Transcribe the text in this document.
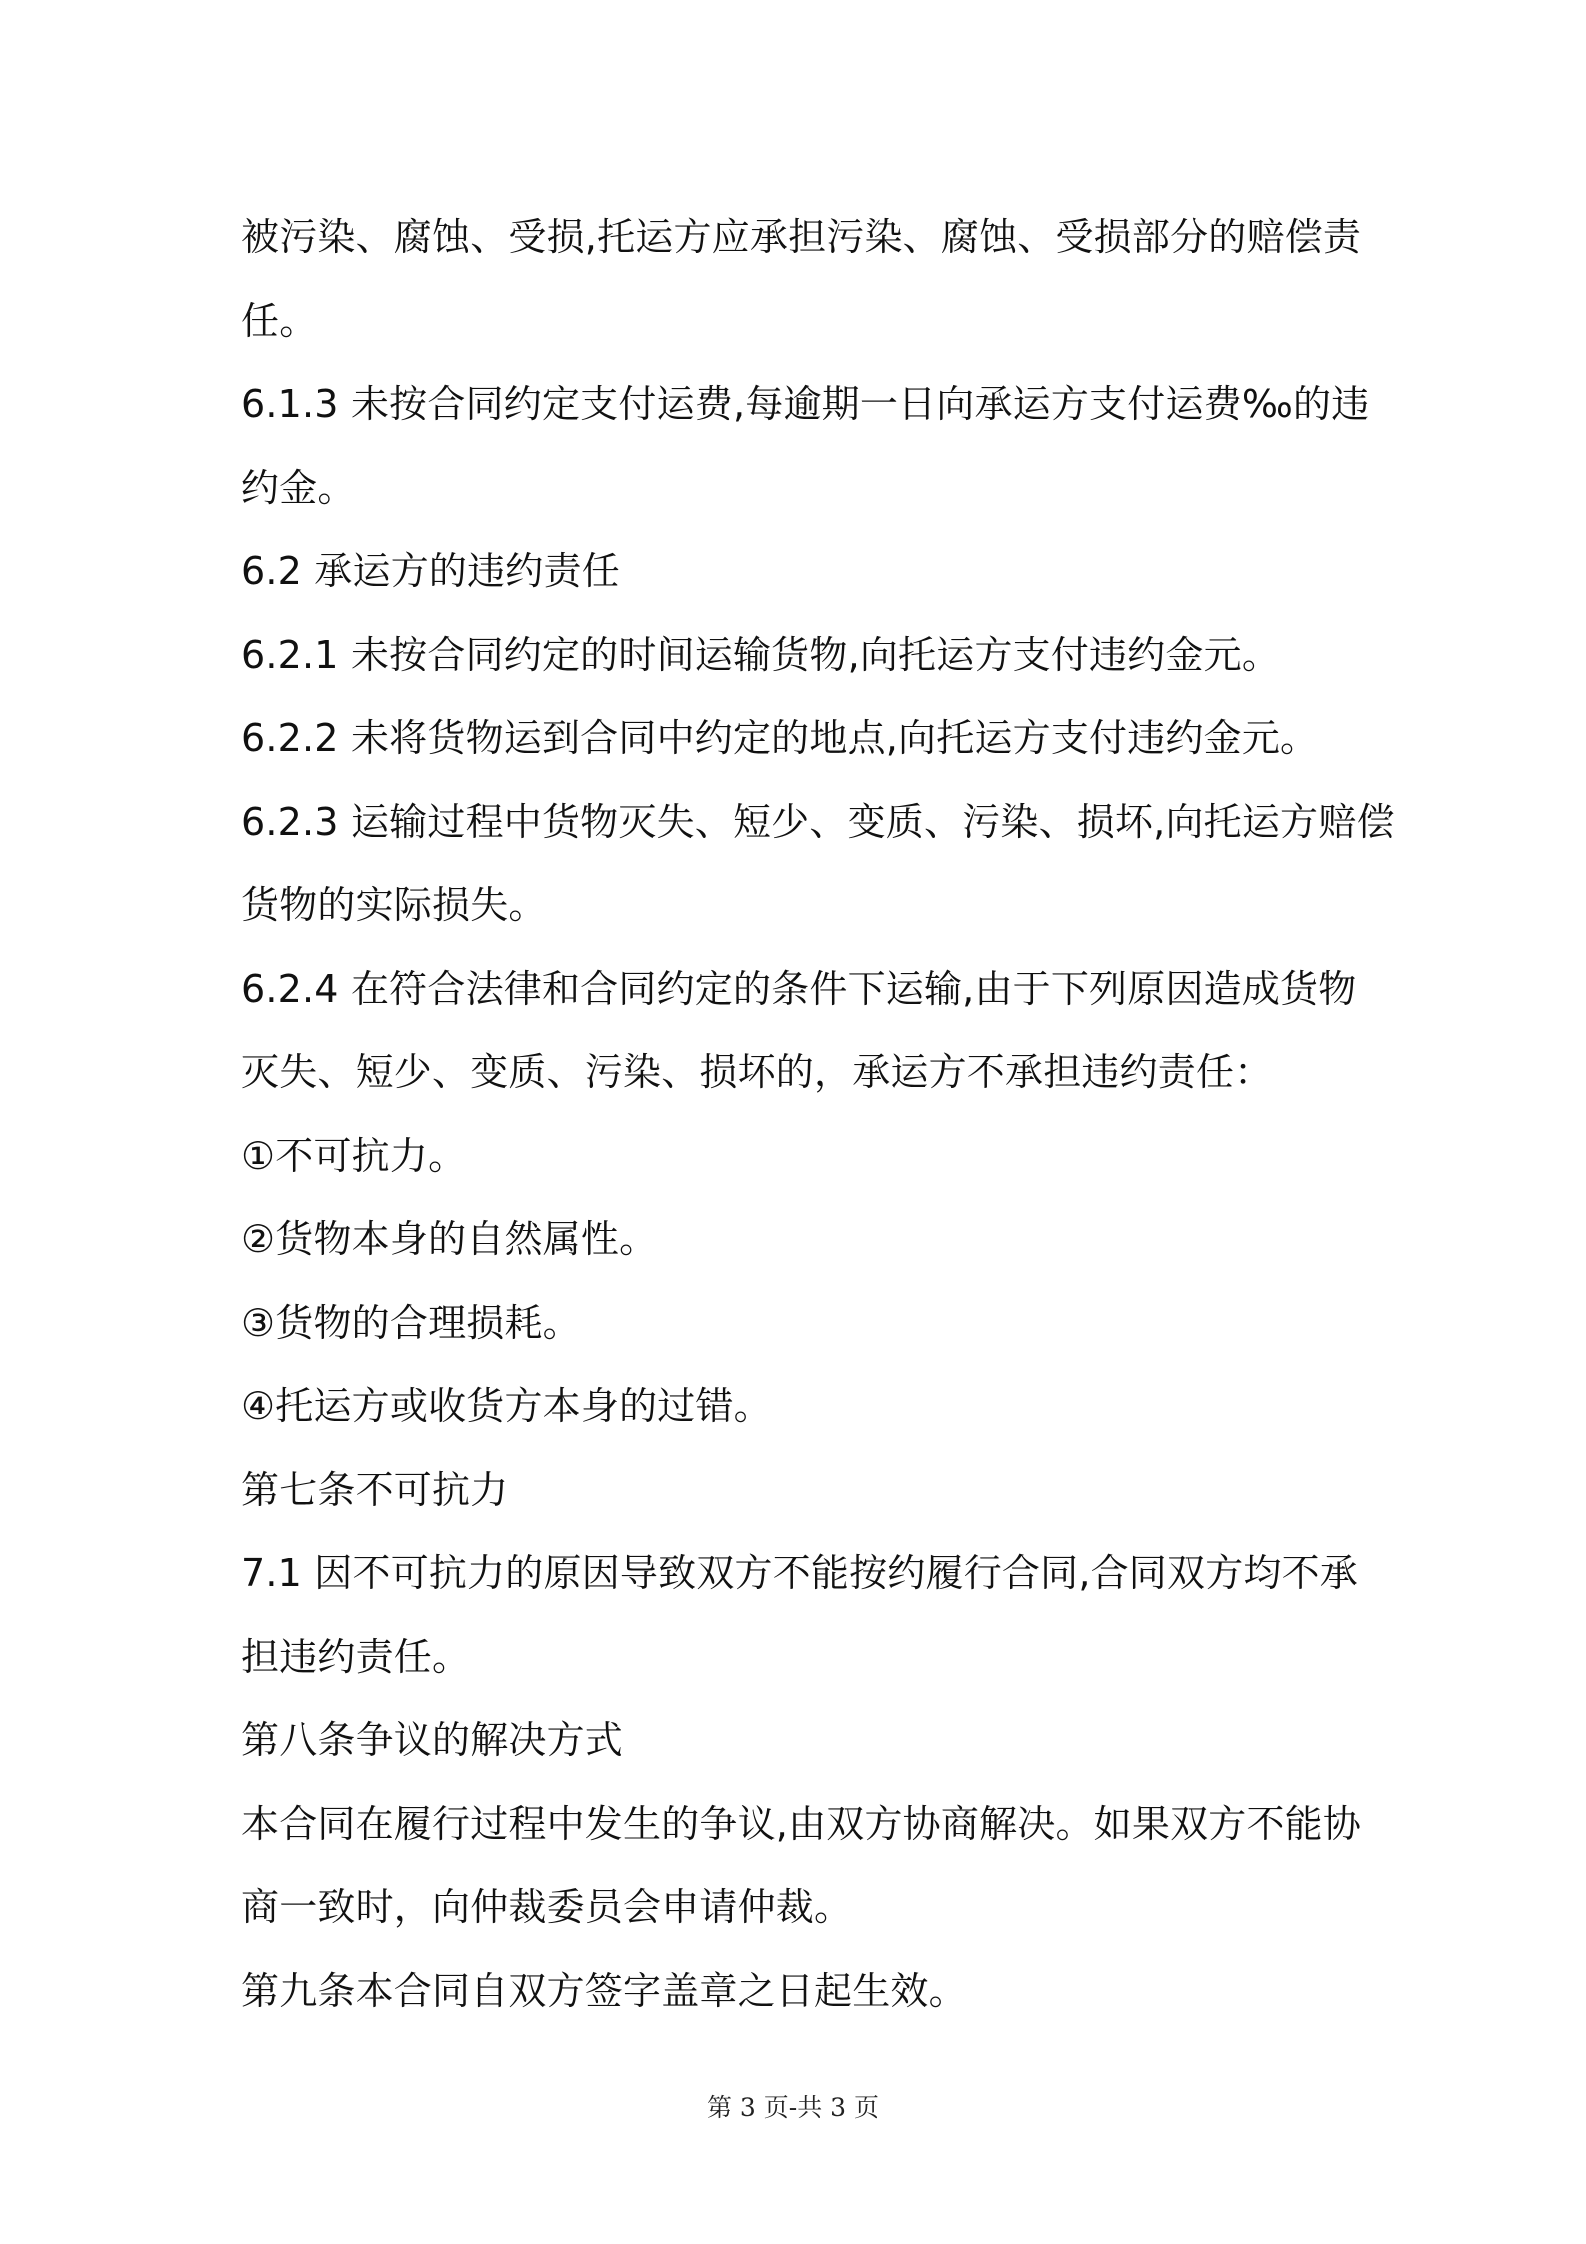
被污染、腐蚀、受损,托运方应承担污染、腐蚀、受损部分的赔偿责
任。
6.1.3 未按合同约定支付运费,每逾期一日向承运方支付运费‰的违
约金。
6.2 承运方的违约责任
6.2.1 未按合同约定的时间运输货物,向托运方支付违约金元。
6.2.2 未将货物运到合同中约定的地点,向托运方支付违约金元。
6.2.3 运输过程中货物灭失、短少、变质、污染、损坏,向托运方赔偿
货物的实际损失。
6.2.4 在符合法律和合同约定的条件下运输,由于下列原因造成货物
灭失、短少、变质、污染、损坏的，承运方不承担违约责任：
①不可抗力。
②货物本身的自然属性。
③货物的合理损耗。
④托运方或收货方本身的过错。
第七条不可抗力
7.1 因不可抗力的原因导致双方不能按约履行合同,合同双方均不承
担违约责任。
第八条争议的解决方式
本合同在履行过程中发生的争议,由双方协商解决。如果双方不能协
商一致时，向仲裁委员会申请仲裁。
第九条本合同自双方签字盖章之日起生效。
第 3 页-共 3 页
